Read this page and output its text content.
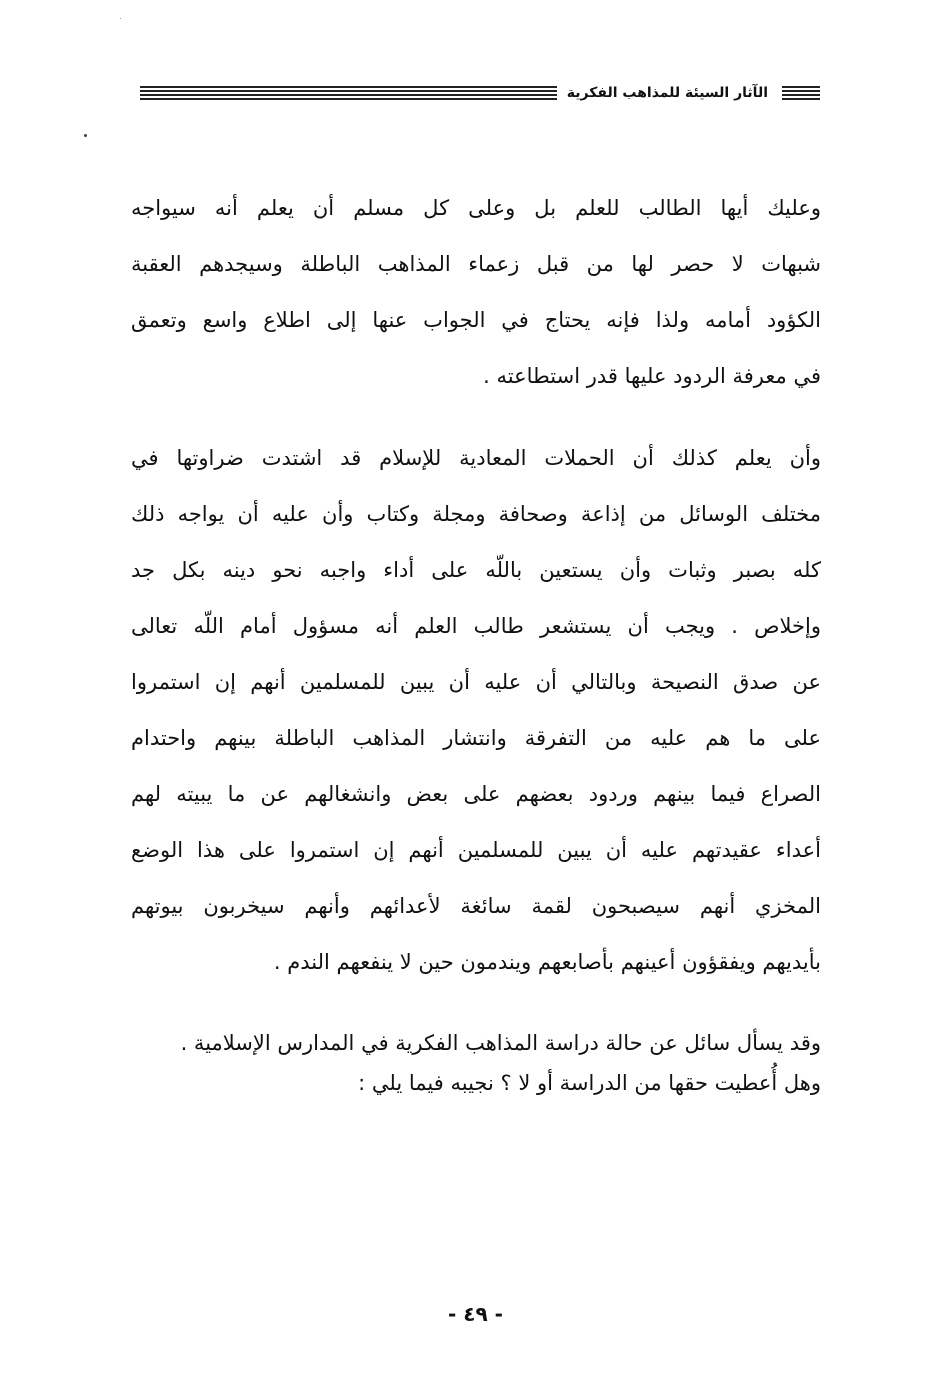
الآثار السيئة للمذاهب الفكرية
وعليك أيها الطالب للعلم بل وعلى كل مسلم أن يعلم أنه سيواجه
شبهات لا حصر لها من قبل زعماء المذاهب الباطلة وسيجدهم العقبة
الكؤود أمامه ولذا فإنه يحتاج في الجواب عنها إلى اطلاع واسع وتعمق
في معرفة الردود عليها قدر استطاعته .
وأن يعلم كذلك أن الحملات المعادية للإسلام قد اشتدت ضراوتها في
مختلف الوسائل من إذاعة وصحافة ومجلة وكتاب وأن عليه أن يواجه ذلك
كله بصبر وثبات وأن يستعين باللّه على أداء واجبه نحو دينه بكل جد
وإخلاص . ويجب أن يستشعر طالب العلم أنه مسؤول أمام اللّه تعالى
عن صدق النصيحة وبالتالي أن عليه أن يبين للمسلمين أنهم إن استمروا
على ما هم عليه من التفرقة وانتشار المذاهب الباطلة بينهم واحتدام
الصراع فيما بينهم وردود بعضهم على بعض وانشغالهم عن ما يبيته لهم
أعداء عقيدتهم عليه أن يبين للمسلمين أنهم إن استمروا على هذا الوضع
المخزي أنهم سيصبحون لقمة سائغة لأعدائهم وأنهم سيخربون بيوتهم
بأيديهم ويفقؤون أعينهم بأصابعهم ويندمون حين لا ينفعهم الندم .
وقد يسأل سائل عن حالة دراسة المذاهب الفكرية في المدارس الإسلامية .
وهل أُعطيت حقها من الدراسة أو لا ؟ نجيبه فيما يلي :
- ٤٩ -
